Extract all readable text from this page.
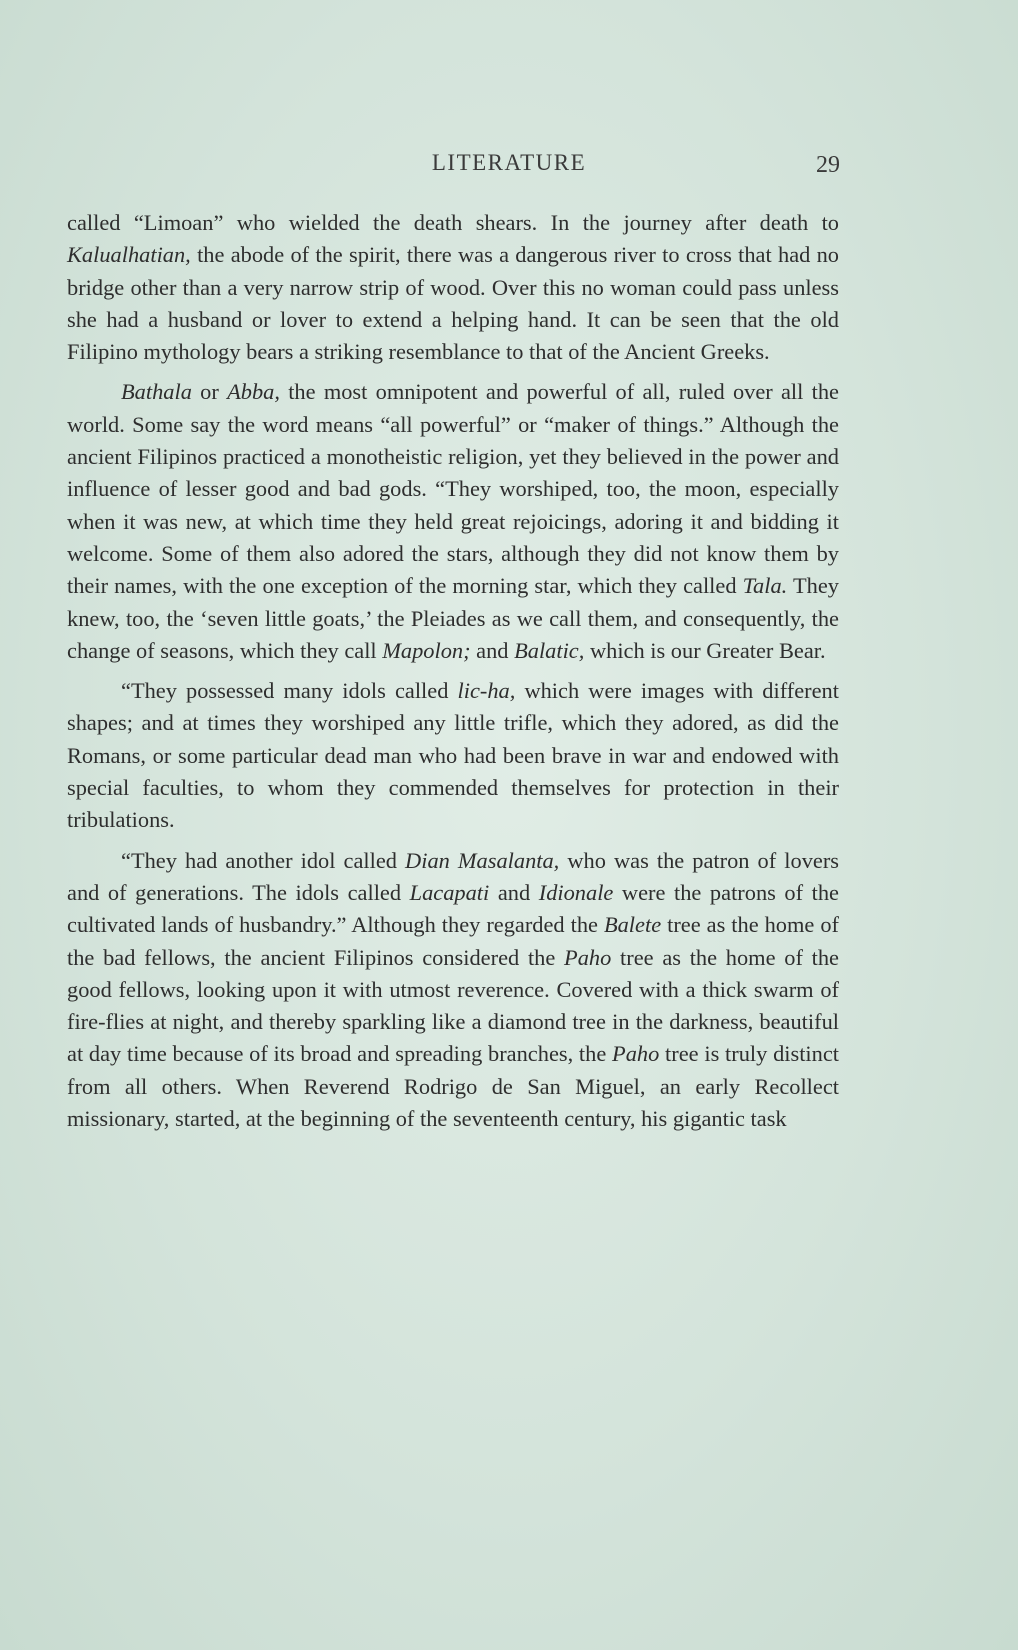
LITERATURE	29

called “Limoan” who wielded the death shears. In the journey after death to Kalualhatian, the abode of the spirit, there was a dangerous river to cross that had no bridge other than a very narrow strip of wood. Over this no woman could pass unless she had a husband or lover to extend a helping hand. It can be seen that the old Filipino mythology bears a striking resemblance to that of the Ancient Greeks.

Bathala or Abba, the most omnipotent and powerful of all, ruled over all the world. Some say the word means “all powerful” or “maker of things.” Although the ancient Filipinos practiced a monotheistic religion, yet they believed in the power and influence of lesser good and bad gods. “They worshiped, too, the moon, especially when it was new, at which time they held great rejoicings, adoring it and bidding it welcome. Some of them also adored the stars, although they did not know them by their names, with the one exception of the morning star, which they called Tala. They knew, too, the ‘seven little goats,’ the Pleiades as we call them, and consequently, the change of seasons, which they call Mapolon; and Balatic, which is our Greater Bear.

“They possessed many idols called lic-ha, which were images with different shapes; and at times they worshiped any little trifle, which they adored, as did the Romans, or some particular dead man who had been brave in war and endowed with special faculties, to whom they commended themselves for protection in their tribulations.

“They had another idol called Dian Masalanta, who was the patron of lovers and of generations. The idols called Lacapati and Idionale were the patrons of the cultivated lands of husbandry.” Although they regarded the Balete tree as the home of the bad fellows, the ancient Filipinos considered the Paho tree as the home of the good fellows, looking upon it with utmost reverence. Covered with a thick swarm of fire-flies at night, and thereby sparkling like a diamond tree in the darkness, beautiful at day time because of its broad and spreading branches, the Paho tree is truly distinct from all others. When Reverend Rodrigo de San Miguel, an early Recollect missionary, started, at the beginning of the seventeenth century, his gigantic task
